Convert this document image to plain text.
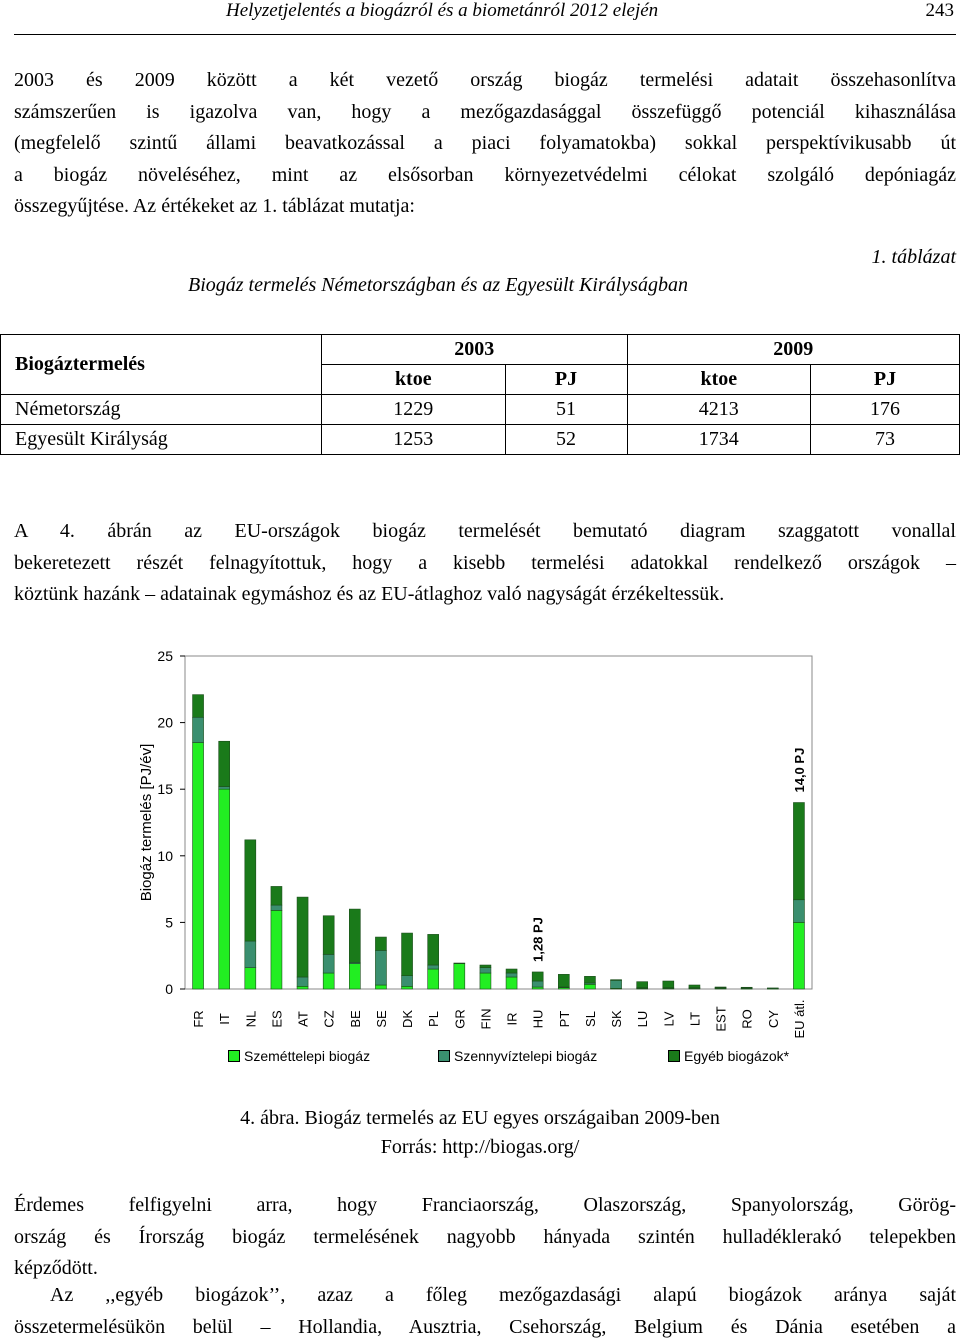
Helyzetjelentés a biogázról és a biometánról 2012 elején	243
2003 és 2009 között a két vezető ország biogáz termelési adatait összehasonlítva
számszerűen is igazolva van, hogy a mezőgazdasággal összefüggő potenciál kihasználása
(megfelelő szintű állami beavatkozással a piaci folyamatokba) sokkal perspektívikusabb út
a biogáz növeléséhez, mint az elsősorban környezetvédelmi célokat szolgáló depóniagáz
összegyűjtése. Az értékeket az 1. táblázat mutatja:
1. táblázat
Biogáz termelés Németországban és az Egyesült Királyságban
Biogáztermelés	2003		2009	
	ktoe	PJ	ktoe	PJ
Németország	1229	51	4213	176
Egyesült Királyság	1253	52	1734	73
A 4. ábrán az EU-országok biogáz termelését bemutató diagram szaggatott vonallal
bekeretezett részét felnagyítottuk, hogy a kisebb termelési adatokkal rendelkező országok –
köztünk hazánk – adatainak egymáshoz és az EU-átlaghoz való nagyságát érzékeltessük.
0
5
10
15
20
25
Biogáz termelés [PJ/év]
FR IT NL ES AT CZ BE SE DK PL GR FIN IR HU PT SL SK LU LV LT EST RO CY EU átl.
1,28 PJ
14,0 PJ
Szeméttelepi biogáz	Szennyvíztelepi biogáz	Egyéb biogázok*
4. ábra. Biogáz termelés az EU egyes országaiban 2009-ben
Forrás: http://biogas.org/
Érdemes felfigyelni arra, hogy Franciaország, Olaszország, Spanyolország, Görög-
ország és Írország biogáz termelésének nagyobb hányada szintén hulladéklerakó telepekben
képződött.
Az ,,egyéb biogázok’’, azaz a főleg mezőgazdasági alapú biogázok aránya saját
összetermelésükön belül – Hollandia, Ausztria, Csehország, Belgium és Dánia esetében a
